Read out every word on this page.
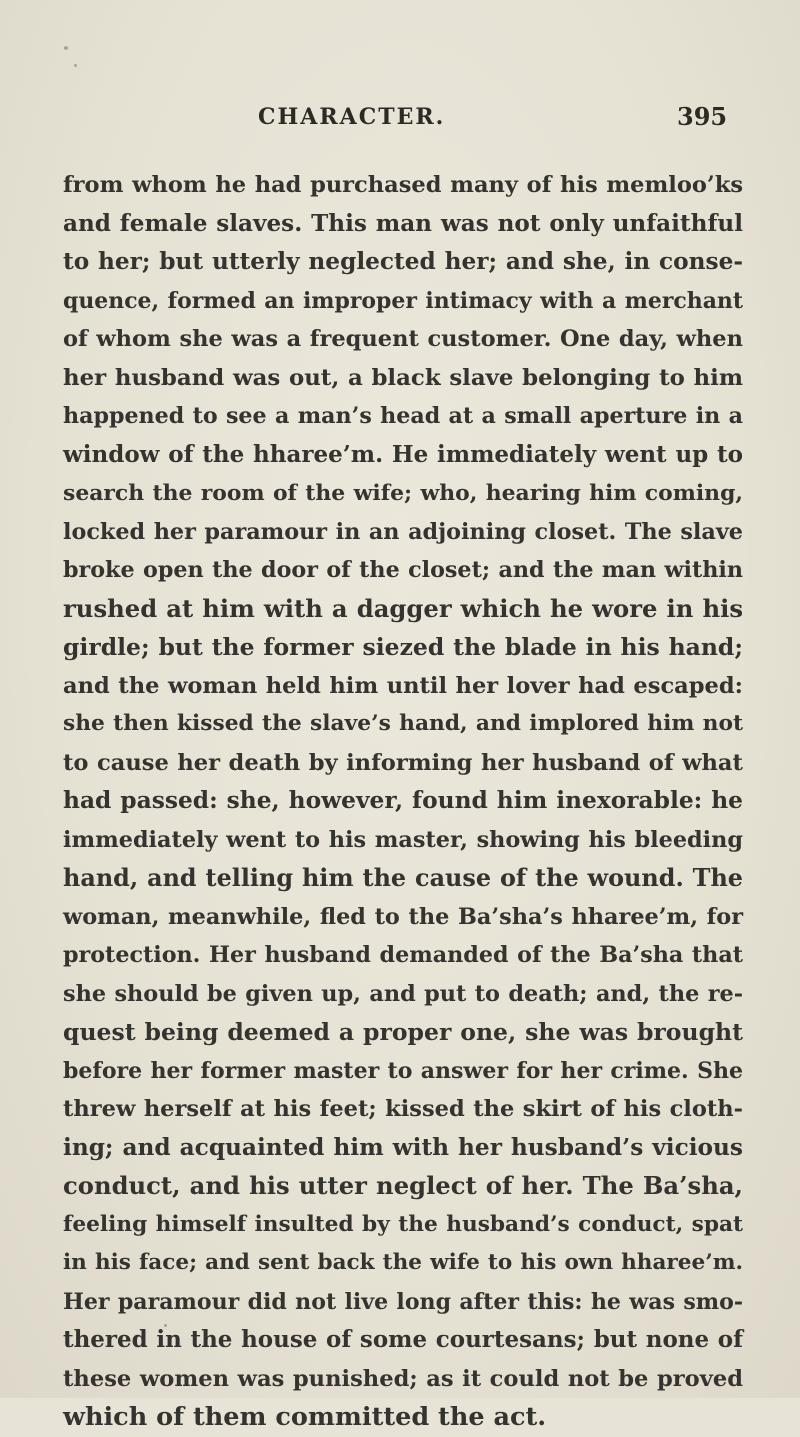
CHARACTER.	395
from whom he had purchased many of his memloo’ks
and female slaves. This man was not only unfaithful
to her; but utterly neglected her; and she, in conse-
quence, formed an improper intimacy with a merchant
of whom she was a frequent customer. One day, when
her husband was out, a black slave belonging to him
happened to see a man’s head at a small aperture in a
window of the hharee’m. He immediately went up to
search the room of the wife; who, hearing him coming,
locked her paramour in an adjoining closet. The slave
broke open the door of the closet; and the man within
rushed at him with a dagger which he wore in his
girdle; but the former siezed the blade in his hand;
and the woman held him until her lover had escaped:
she then kissed the slave’s hand, and implored him not
to cause her death by informing her husband of what
had passed: she, however, found him inexorable: he
immediately went to his master, showing his bleeding
hand, and telling him the cause of the wound. The
woman, meanwhile, fled to the Ba’sha’s hharee’m, for
protection. Her husband demanded of the Ba’sha that
she should be given up, and put to death; and, the re-
quest being deemed a proper one, she was brought
before her former master to answer for her crime. She
threw herself at his feet; kissed the skirt of his cloth-
ing; and acquainted him with her husband’s vicious
conduct, and his utter neglect of her. The Ba’sha,
feeling himself insulted by the husband’s conduct, spat
in his face; and sent back the wife to his own hharee’m.
Her paramour did not live long after this: he was smo-
thered in the house of some courtesans; but none of
these women was punished; as it could not be proved
which of them committed the act.
